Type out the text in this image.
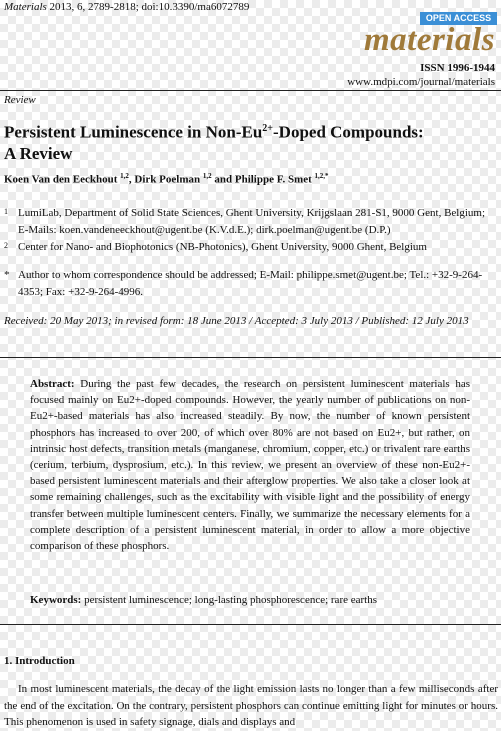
Materials 2013, 6, 2789-2818; doi:10.3390/ma6072789
OPEN ACCESS
materials
ISSN 1996-1944
www.mdpi.com/journal/materials
Review
Persistent Luminescence in Non-$Eu^{2+}$-Doped Compounds:
A Review
Koen Van den Eeckhout $^{1,2}$, Dirk Poelman $^{1,2}$ and Philippe F. Smet $^{1,2,*}$
1 LumiLab, Department of Solid State Sciences, Ghent University, Krijgslaan 281-S1, 9000 Gent, Belgium; E-Mails: koen.vandeneeckhout@ugent.be (K.V.d.E.); dirk.poelman@ugent.be (D.P.)
2 Center for Nano- and Biophotonics (NB-Photonics), Ghent University, 9000 Ghent, Belgium
* Author to whom correspondence should be addressed; E-Mail: philippe.smet@ugent.be; Tel.: +32-9-264-4353; Fax: +32-9-264-4996.
Received: 20 May 2013; in revised form: 18 June 2013 / Accepted: 3 July 2013 / Published: 12 July 2013
Abstract: During the past few decades, the research on persistent luminescent materials has focused mainly on Eu2+-doped compounds. However, the yearly number of publications on non-Eu2+-based materials has also increased steadily. By now, the number of known persistent phosphors has increased to over 200, of which over 80% are not based on Eu2+, but rather, on intrinsic host defects, transition metals (manganese, chromium, copper, etc.) or trivalent rare earths (cerium, terbium, dysprosium, etc.). In this review, we present an overview of these non-Eu2+-based persistent luminescent materials and their afterglow properties. We also take a closer look at some remaining challenges, such as the excitability with visible light and the possibility of energy transfer between multiple luminescent centers. Finally, we summarize the necessary elements for a complete description of a persistent luminescent material, in order to allow a more objective comparison of these phosphors.
Keywords: persistent luminescence; long-lasting phosphorescence; rare earths
1. Introduction
In most luminescent materials, the decay of the light emission lasts no longer than a few milliseconds after the end of the excitation. On the contrary, persistent phosphors can continue emitting light for minutes or hours. This phenomenon is used in safety signage, dials and displays and
